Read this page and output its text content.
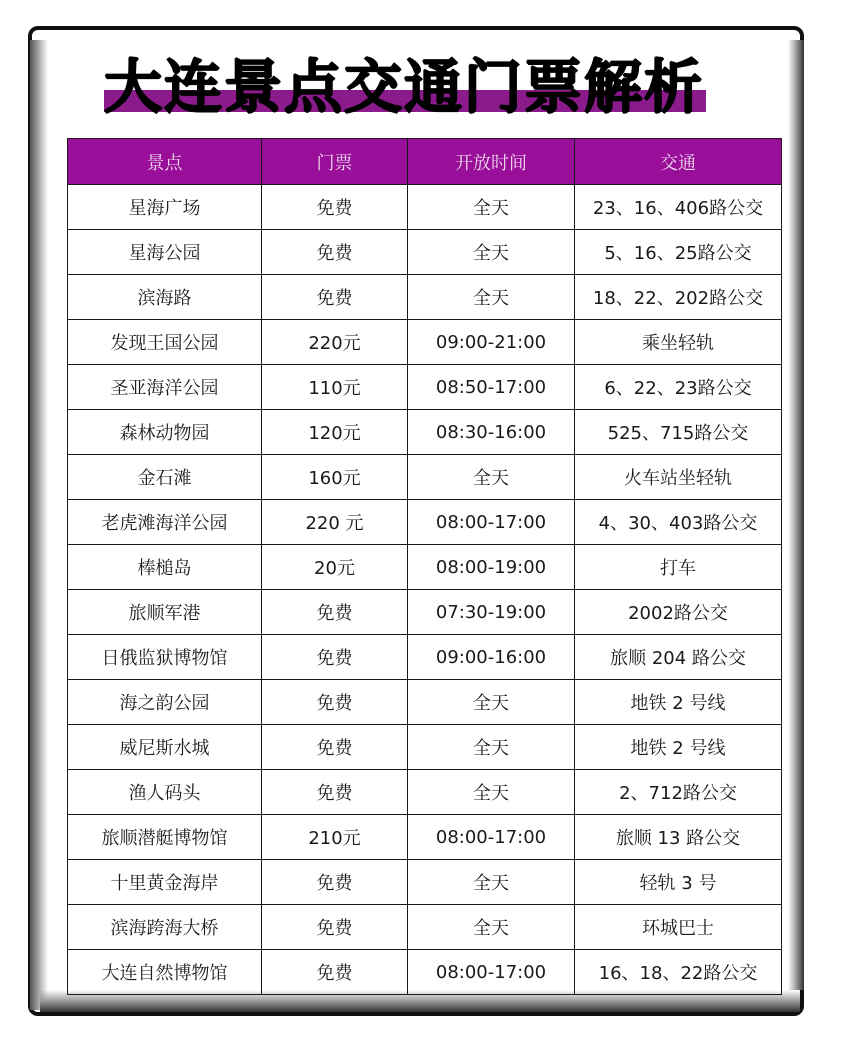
大连景点交通门票解析
景点	门票	开放时间	交通
星海广场	免费	全天	23、16、406路公交
星海公园	免费	全天	5、16、25路公交
滨海路	免费	全天	18、22、202路公交
发现王国公园	220元	09:00-21:00	乘坐轻轨
圣亚海洋公园	110元	08:50-17:00	6、22、23路公交
森林动物园	120元	08:30-16:00	525、715路公交
金石滩	160元	全天	火车站坐轻轨
老虎滩海洋公园	220 元	08:00-17:00	4、30、403路公交
棒槌岛	20元	08:00-19:00	打车
旅顺军港	免费	07:30-19:00	2002路公交
日俄监狱博物馆	免费	09:00-16:00	旅顺 204 路公交
海之韵公园	免费	全天	地铁 2 号线
威尼斯水城	免费	全天	地铁 2 号线
渔人码头	免费	全天	2、712路公交
旅顺潜艇博物馆	210元	08:00-17:00	旅顺 13 路公交
十里黄金海岸	免费	全天	轻轨 3 号
滨海跨海大桥	免费	全天	环城巴士
大连自然博物馆	免费	08:00-17:00	16、18、22路公交
